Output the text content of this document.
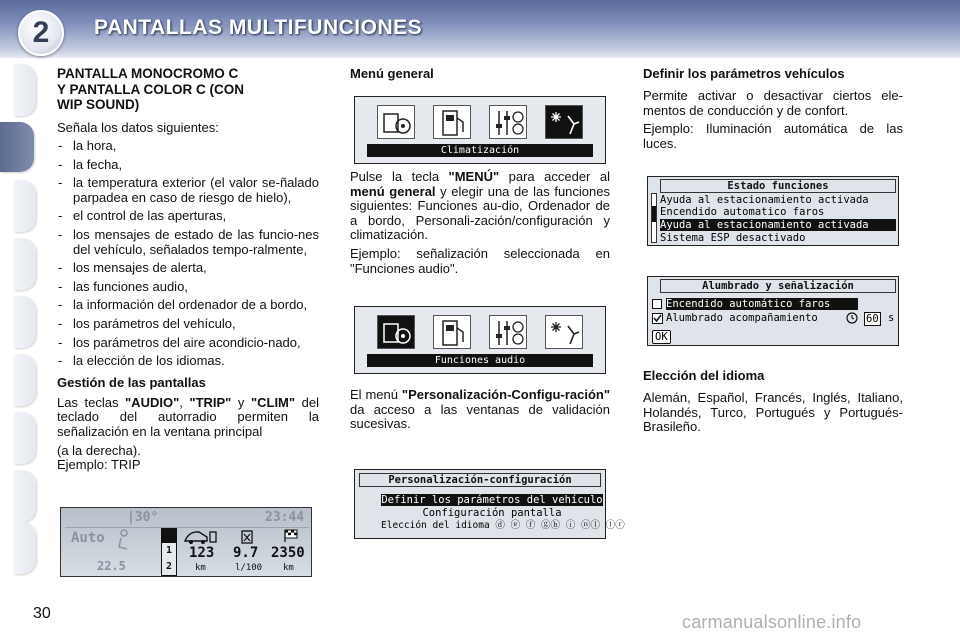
2	PANTALLAS MULTIFUNCIONES
PANTALLA MONOCROMO C
Y PANTALLA COLOR C (CON
WIP SOUND)

Señala los datos siguientes:

- la hora,
- la fecha,
- la temperatura exterior (el valor se-ñalado parpadea en caso de riesgo de hielo),
- el control de las aperturas,
- los mensajes de estado de las funcio-nes del vehículo, señalados tempo-ralmente,
- los mensajes de alerta,
- las funciones audio,
- la información del ordenador de a bordo,
- los parámetros del vehículo,
- los parámetros del aire acondicio-nado,
- la elección de los idiomas.
Gestión de las pantallas

Las teclas "AUDIO", "TRIP" y "CLIM" del teclado del autorradio permiten la señalización en la ventana principal

(a la derecha).

Ejemplo: TRIP

|30°	23:44
Auto
22.5
1
2
123 9.7 2350
km	l/100 km
Menú general
Climatización

Pulse la tecla "MENÚ" para acceder al menú general y elegir una de las funciones siguientes: Funciones au-dio, Ordenador de a bordo, Personali-zación/configuración y climatización.

Ejemplo: señalización seleccionada en "Funciones audio".

Funciones audio

El menú "Personalización-Configu-ración" da acceso a las ventanas de validación sucesivas.

Personalización-configuración
Definir los parámetros del vehículo
Configuración pantalla
Elección del idioma ⓓ ⓔ ⓕ ⓖⓑ ⓘ ⓝⓛ ⓣⓡ
Definir los parámetros vehículos

Permite activar o desactivar ciertos ele-mentos de conducción y de confort.

Ejemplo: Iluminación automática de las luces.

Estado funciones
Ayuda al estacionamiento activada
Encendido automatico faros
Ayuda al estacionamiento activada
Sistema ESP desactivado
Alumbrado y señalización
Encendido automático faros
Alumbrado acompañamiento	60 s
OK
Elección del idioma

Alemán, Español, Francés, Inglés, Italiano, Holandés, Turco, Portugués y Portugués-Brasileño.

30	carmanualsonline.info
